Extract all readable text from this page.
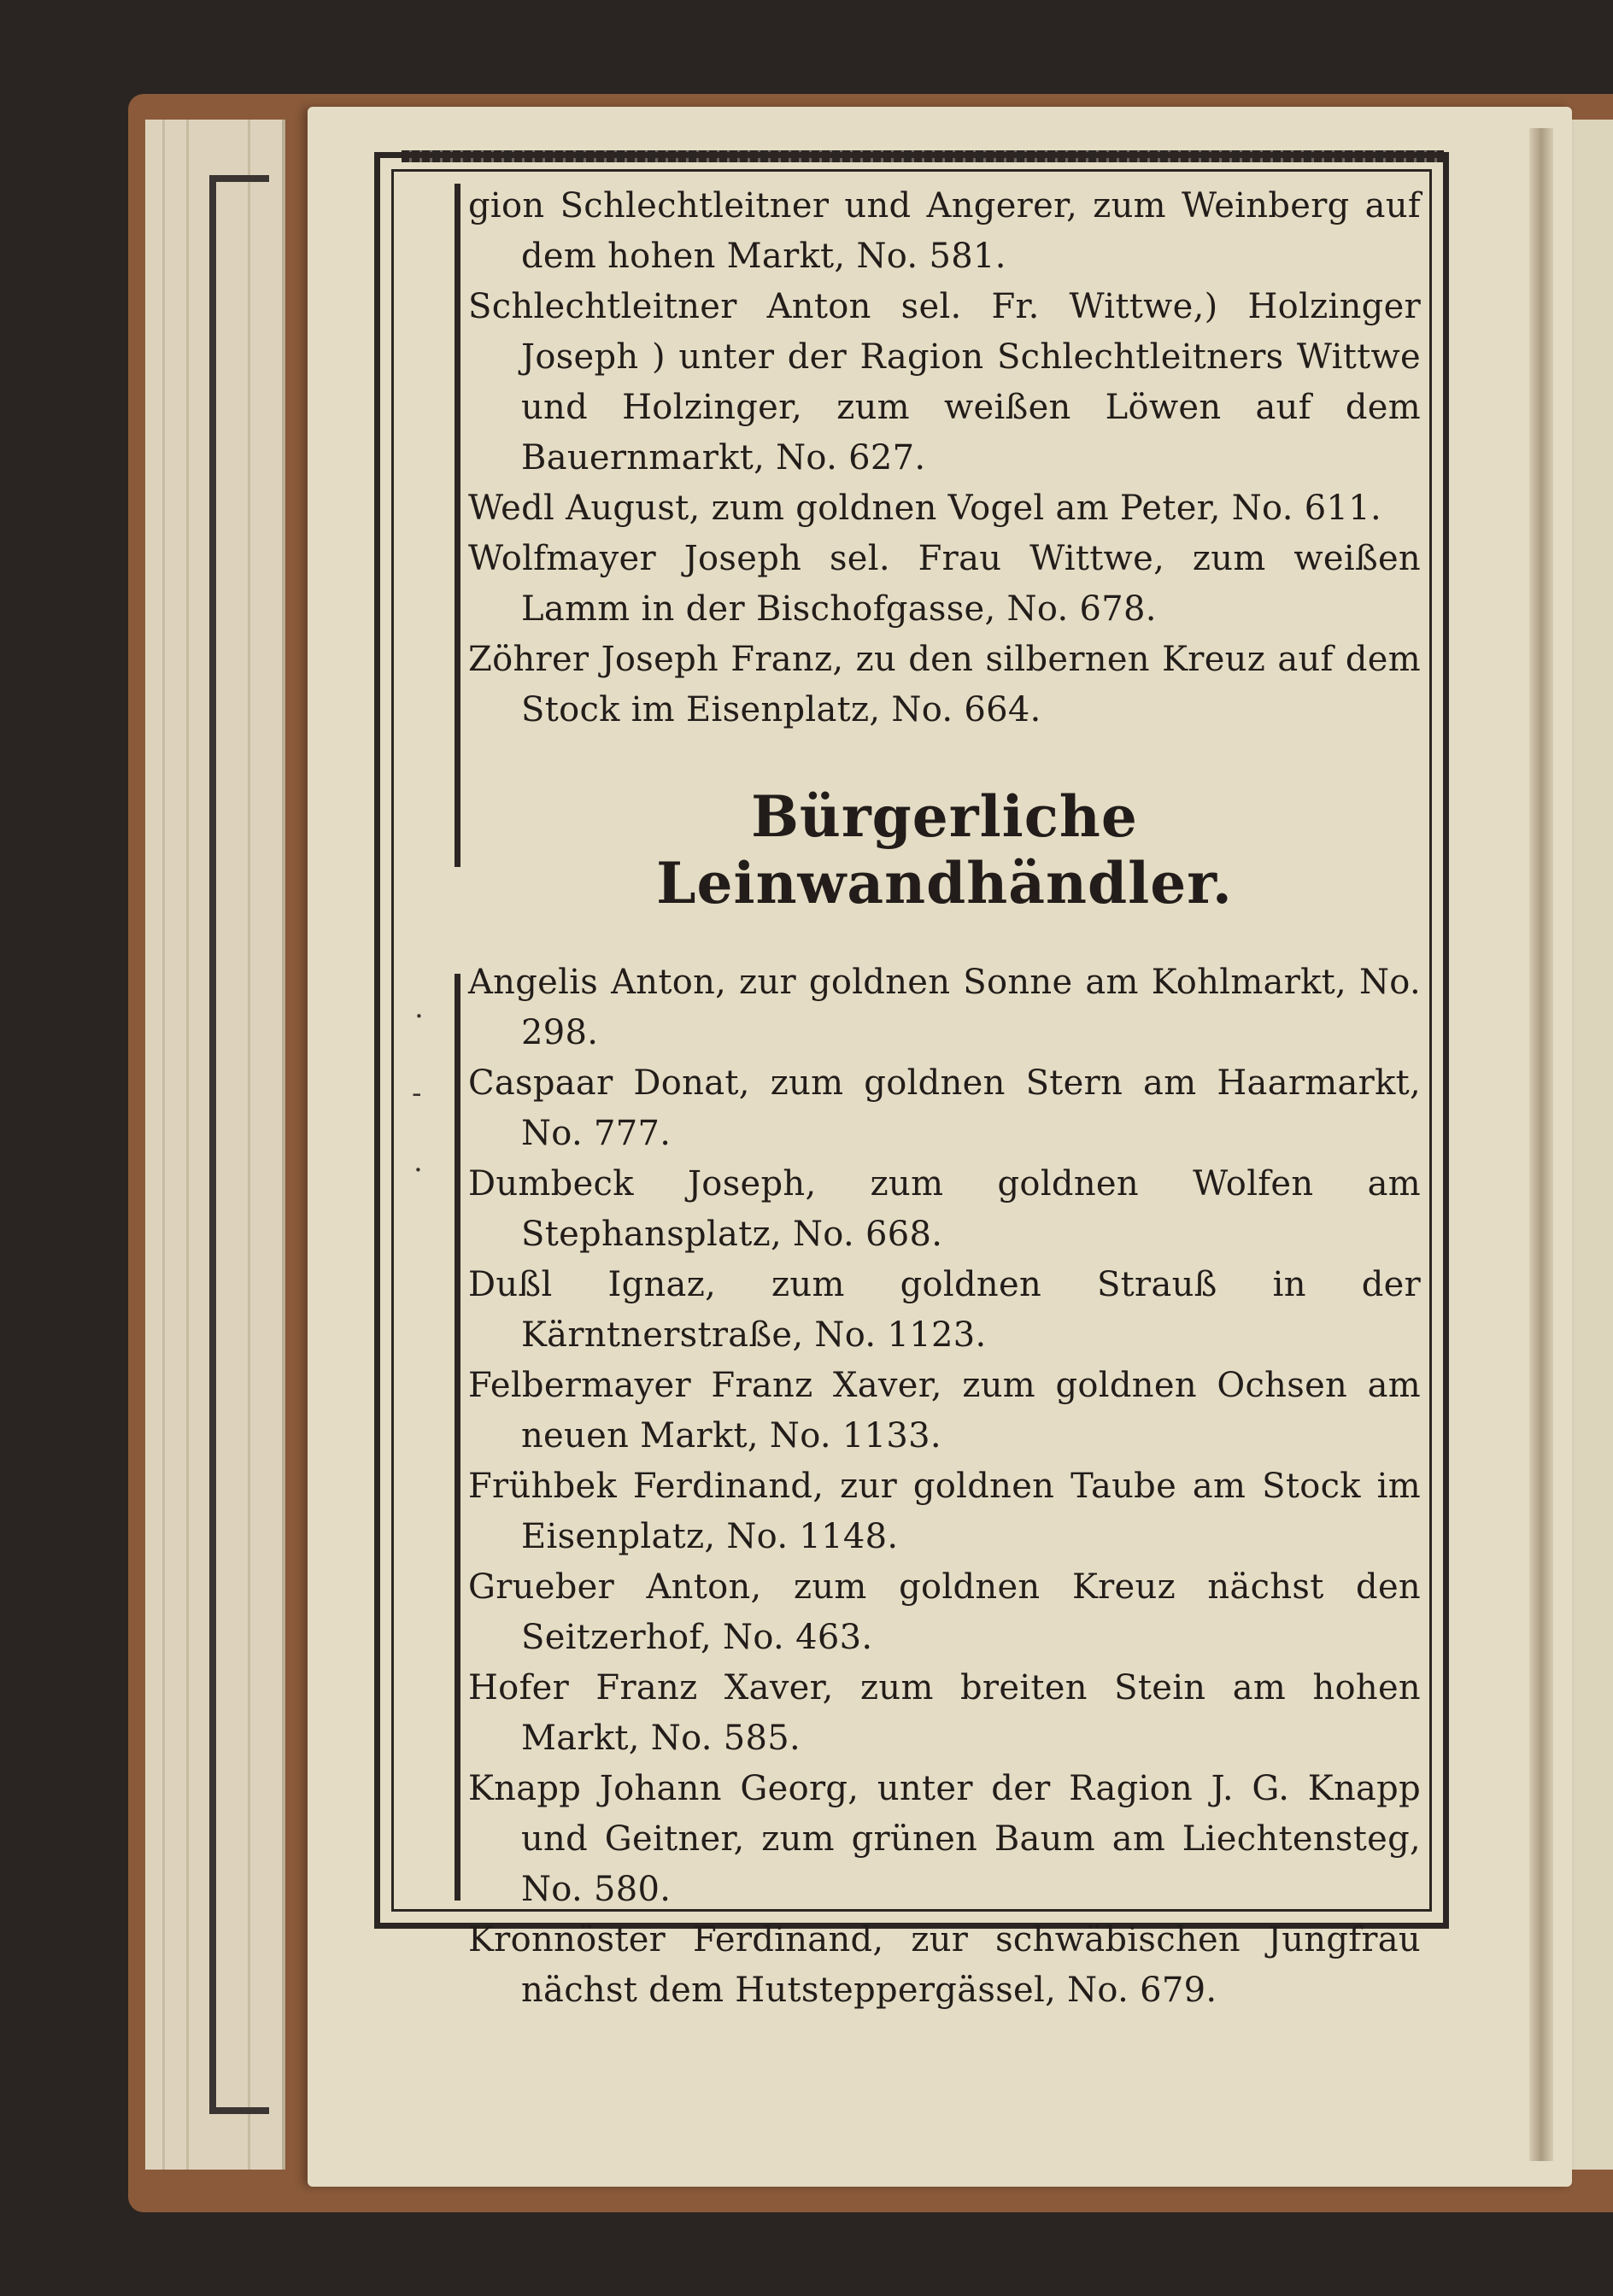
.
-
.
gion Schlechtleitner und Angerer, zum Weinberg auf dem hohen Markt, No. 581.
Schlechtleitner Anton sel. Fr. Wittwe,) Holzinger Joseph ) unter der Ragion Schlechtleitners Wittwe und Holzinger, zum weißen Löwen auf dem Bauernmarkt, No. 627.
Wedl August, zum goldnen Vogel am Peter, No. 611.
Wolfmayer Joseph sel. Frau Wittwe, zum weißen Lamm in der Bischofgasse, No. 678.
Zöhrer Joseph Franz, zu den silbernen Kreuz auf dem Stock im Eisenplatz, No. 664.
Bürgerliche Leinwandhändler.
Angelis Anton, zur goldnen Sonne am Kohlmarkt, No. 298.
Caspaar Donat, zum goldnen Stern am Haarmarkt, No. 777.
Dumbeck Joseph, zum goldnen Wolfen am Stephansplatz, No. 668.
Dußl Ignaz, zum goldnen Strauß in der Kärntnerstraße, No. 1123.
Felbermayer Franz Xaver, zum goldnen Ochsen am neuen Markt, No. 1133.
Frühbek Ferdinand, zur goldnen Taube am Stock im Eisenplatz, No. 1148.
Grueber Anton, zum goldnen Kreuz nächst den Seitzerhof, No. 463.
Hofer Franz Xaver, zum breiten Stein am hohen Markt, No. 585.
Knapp Johann Georg, unter der Ragion J. G. Knapp und Geitner, zum grünen Baum am Liechtensteg, No. 580.
Kronnöster Ferdinand, zur schwäbischen Jungfrau nächst dem Hutsteppergässel, No. 679.
